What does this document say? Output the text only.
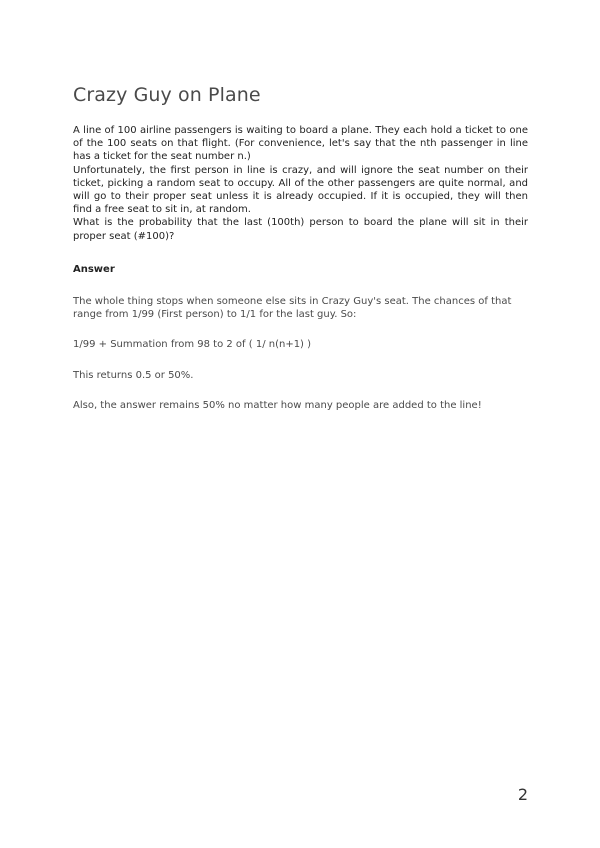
Crazy Guy on Plane

A line of 100 airline passengers is waiting to board a plane. They each hold a ticket to one of the 100 seats on that flight. (For convenience, let's say that the nth passenger in line has a ticket for the seat number n.)

Unfortunately, the first person in line is crazy, and will ignore the seat number on their ticket, picking a random seat to occupy. All of the other passengers are quite normal, and will go to their proper seat unless it is already occupied. If it is occupied, they will then find a free seat to sit in, at random.

What is the probability that the last (100th) person to board the plane will sit in their proper seat (#100)?

Answer

The whole thing stops when someone else sits in Crazy Guy's seat. The chances of that range from 1/99 (First person) to 1/1 for the last guy. So:

1/99 + Summation from 98 to 2 of ( 1/ n(n+1) )

This returns 0.5 or 50%.

Also, the answer remains 50% no matter how many people are added to the line!

2
